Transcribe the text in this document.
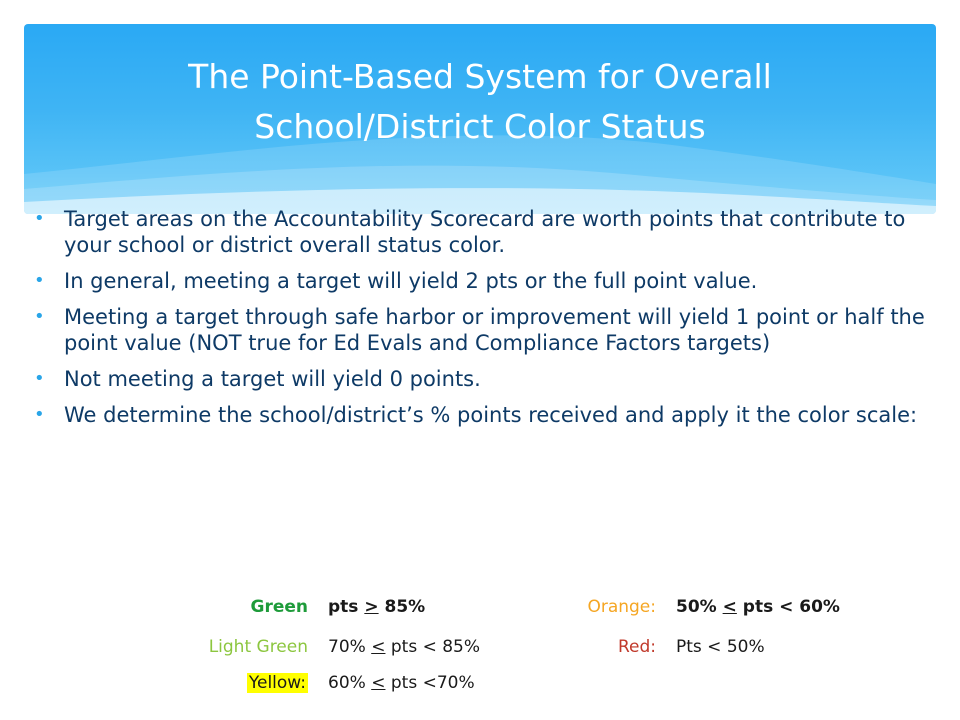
The Point-Based System for Overall
School/District Color Status
• Target areas on the Accountability Scorecard are worth points that contribute to your school or district overall status color.
• In general, meeting a target will yield 2 pts or the full point value.
• Meeting a target through safe harbor or improvement will yield 1 point or half the point value (NOT true for Ed Evals and Compliance Factors targets)
• Not meeting a target will yield 0 points.
• We determine the school/district’s % points received and apply it the color scale:
Green pts > 85%
Light Green 70% < pts < 85%
Yellow: 60% < pts <70%
Orange: 50% < pts < 60%
Red: Pts < 50%
